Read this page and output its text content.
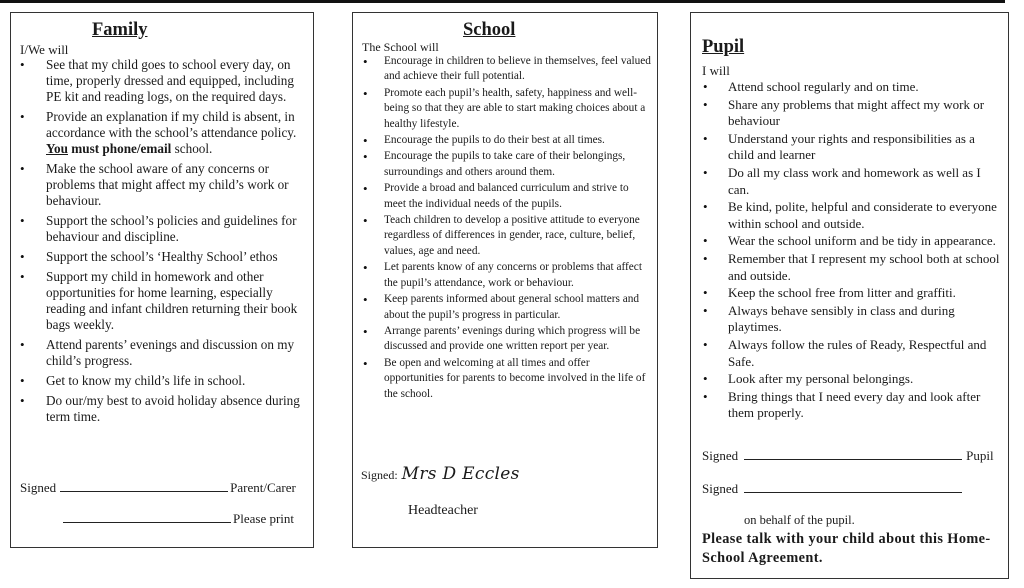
Family
I/We will
• See that my child goes to school every day, on time, properly dressed and equipped, including PE kit and reading logs, on the required days.
• Provide an explanation if my child is absent, in accordance with the school’s attendance policy. You must phone/email school.
• Make the school aware of any concerns or problems that might affect my child’s work or behaviour.
• Support the school’s policies and guidelines for behaviour and discipline.
• Support the school’s ‘Healthy School’ ethos
• Support my child in homework and other opportunities for home learning, especially reading and infant children returning their book bags weekly.
• Attend parents’ evenings and discussion on my child’s progress.
• Get to know my child’s life in school.
• Do our/my best to avoid holiday absence during term time.
Signed	Parent/Carer
Please print
School
The School will
• Encourage in children to believe in themselves, feel valued and achieve their full potential.
• Promote each pupil’s health, safety, happiness and well-being so that they are able to start making choices about a healthy lifestyle.
• Encourage the pupils to do their best at all times.
• Encourage the pupils to take care of their belongings, surroundings and others around them.
• Provide a broad and balanced curriculum and strive to meet the individual needs of the pupils.
• Teach children to develop a positive attitude to everyone regardless of differences in gender, race, culture, belief, values, age and need.
• Let parents know of any concerns or problems that affect the pupil’s attendance, work or behaviour.
• Keep parents informed about general school matters and about the pupil’s progress in particular.
• Arrange parents’ evenings during which progress will be discussed and provide one written report per year.
• Be open and welcoming at all times and offer opportunities for parents to become involved in the life of the school.
Signed: Mrs D Eccles
Headteacher
Pupil
I will
• Attend school regularly and on time.
• Share any problems that might affect my work or behaviour
• Understand your rights and responsibilities as a child and learner
• Do all my class work and homework as well as I can.
• Be kind, polite, helpful and considerate to everyone within school and outside.
• Wear the school uniform and be tidy in appearance.
• Remember that I represent my school both at school and outside.
• Keep the school free from litter and graffiti.
• Always behave sensibly in class and during playtimes.
• Always follow the rules of Ready, Respectful and Safe.
• Look after my personal belongings.
• Bring things that I need every day and look after them properly.
Signed	Pupil
Signed
on behalf of the pupil.
Please talk with your child about this Home-School Agreement.
